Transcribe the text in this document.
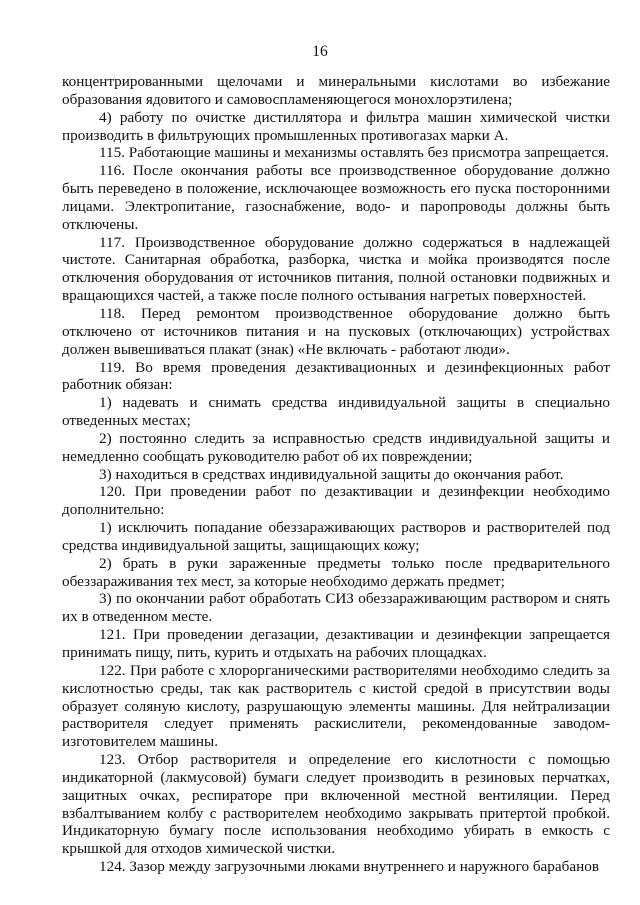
16

концентрированными щелочами и минеральными кислотами во избежание образования ядовитого и самовоспламеняющегося монохлорэтилена;

4) работу по очистке дистиллятора и фильтра машин химической чистки производить в фильтрующих промышленных противогазах марки А.

115. Работающие машины и механизмы оставлять без присмотра запрещается.

116. После окончания работы все производственное оборудование должно быть переведено в положение, исключающее возможность его пуска посторонними лицами. Электропитание, газоснабжение, водо- и паропроводы должны быть отключены.

117. Производственное оборудование должно содержаться в надлежащей чистоте. Санитарная обработка, разборка, чистка и мойка производятся после отключения оборудования от источников питания, полной остановки подвижных и вращающихся частей, а также после полного остывания нагретых поверхностей.

118. Перед ремонтом производственное оборудование должно быть отключено от источников питания и на пусковых (отключающих) устройствах должен вывешиваться плакат (знак) «Не включать - работают люди».

119. Во время проведения дезактивационных и дезинфекционных работ работник обязан:

1) надевать и снимать средства индивидуальной защиты в специально отведенных местах;

2) постоянно следить за исправностью средств индивидуальной защиты и немедленно сообщать руководителю работ об их повреждении;

3) находиться в средствах индивидуальной защиты до окончания работ.

120. При проведении работ по дезактивации и дезинфекции необходимо дополнительно:

1) исключить попадание обеззараживающих растворов и растворителей под средства индивидуальной защиты, защищающих кожу;

2) брать в руки зараженные предметы только после предварительного обеззараживания тех мест, за которые необходимо держать предмет;

3) по окончании работ обработать СИЗ обеззараживающим раствором и снять их в отведенном месте.

121. При проведении дегазации, дезактивации и дезинфекции запрещается принимать пищу, пить, курить и отдыхать на рабочих площадках.

122. При работе с хлорорганическими растворителями необходимо следить за кислотностью среды, так как растворитель с кистой средой в присутствии воды образует соляную кислоту, разрушающую элементы машины. Для нейтрализации растворителя следует применять раскислители, рекомендованные заводом-изготовителем машины.

123. Отбор растворителя и определение его кислотности с помощью индикаторной (лакмусовой) бумаги следует производить в резиновых перчатках, защитных очках, респираторе при включенной местной вентиляции. Перед взбалтыванием колбу с растворителем необходимо закрывать притертой пробкой. Индикаторную бумагу после использования необходимо убирать в емкость с крышкой для отходов химической чистки.

124. Зазор между загрузочными люками внутреннего и наружного барабанов
